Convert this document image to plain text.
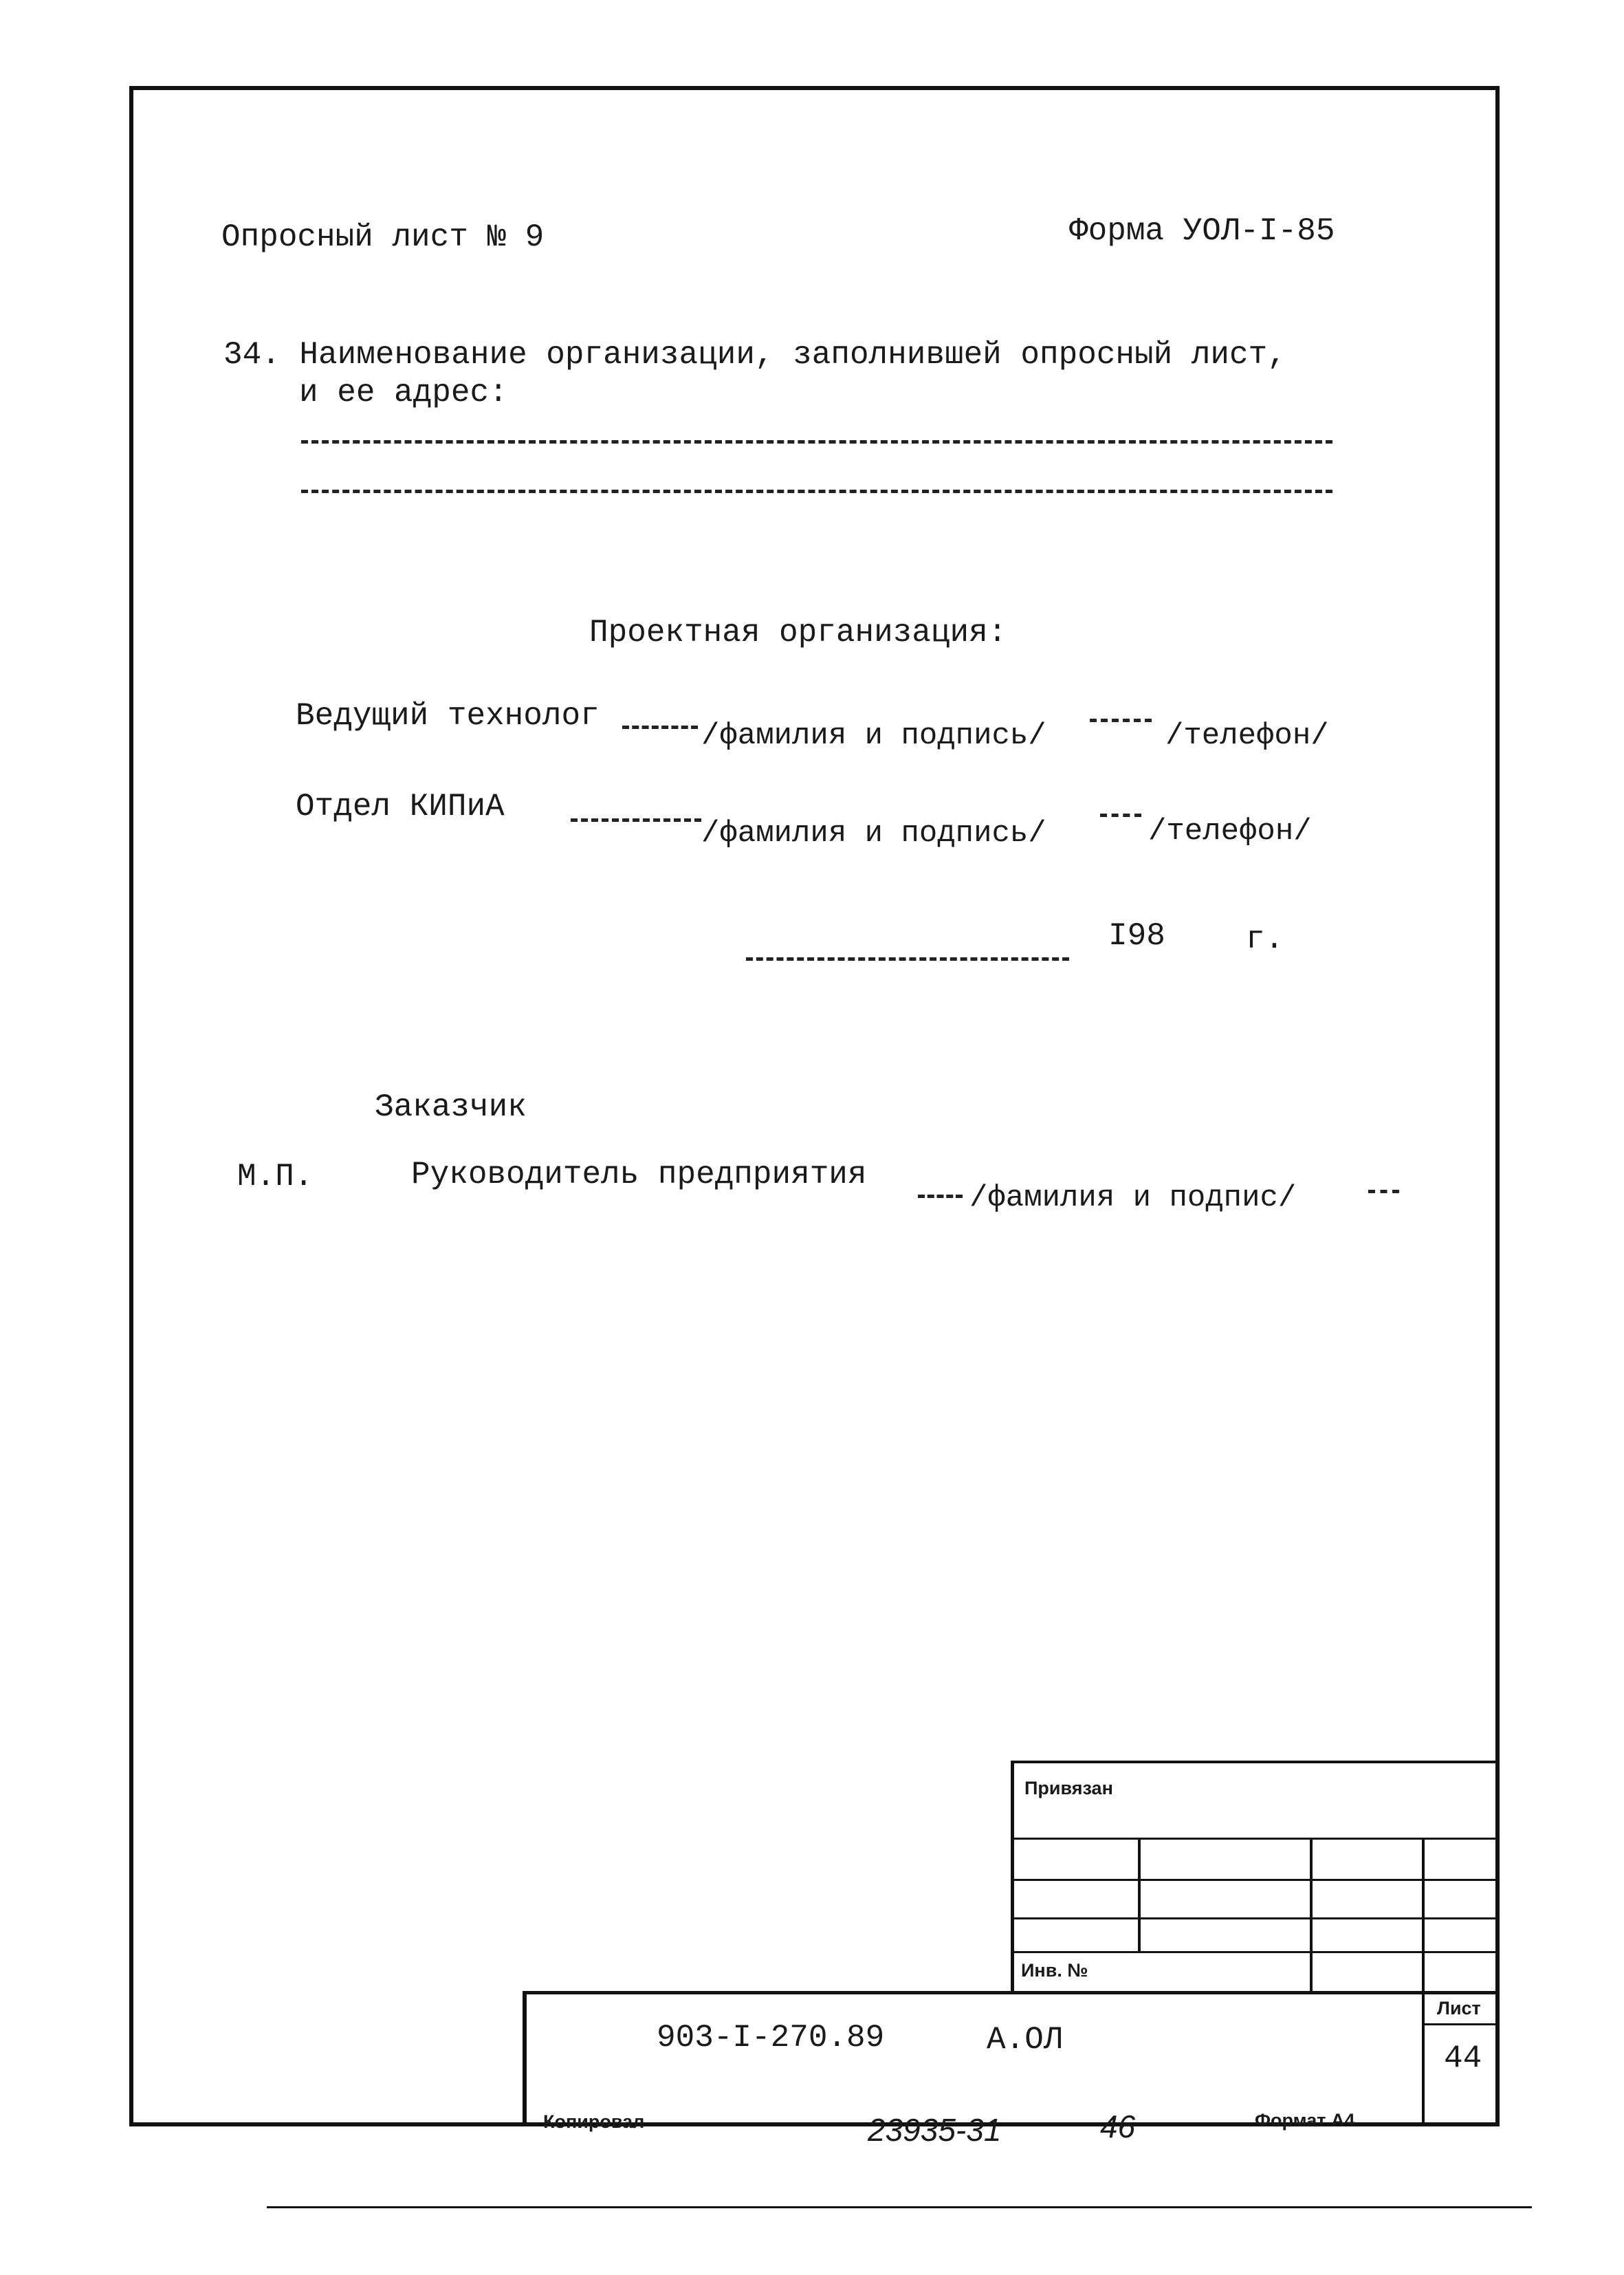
Опросный лист № 9	Форма УОЛ-I-85
34. Наименование организации, заполнившей опросный лист,
и ее адрес:
Проектная организация:
Ведущий технолог
/фамилия и подпись/	/телефон/
Отдел КИПиА
/фамилия и подпись/	/телефон/
I98	г.
Заказчик
М.П.	Руководитель предприятия
/фамилия и подпис/
Привязан
Инв. №
903-I-270.89	А.ОЛ
Лист
44
Копировал	23935-31	46	Формат А4
